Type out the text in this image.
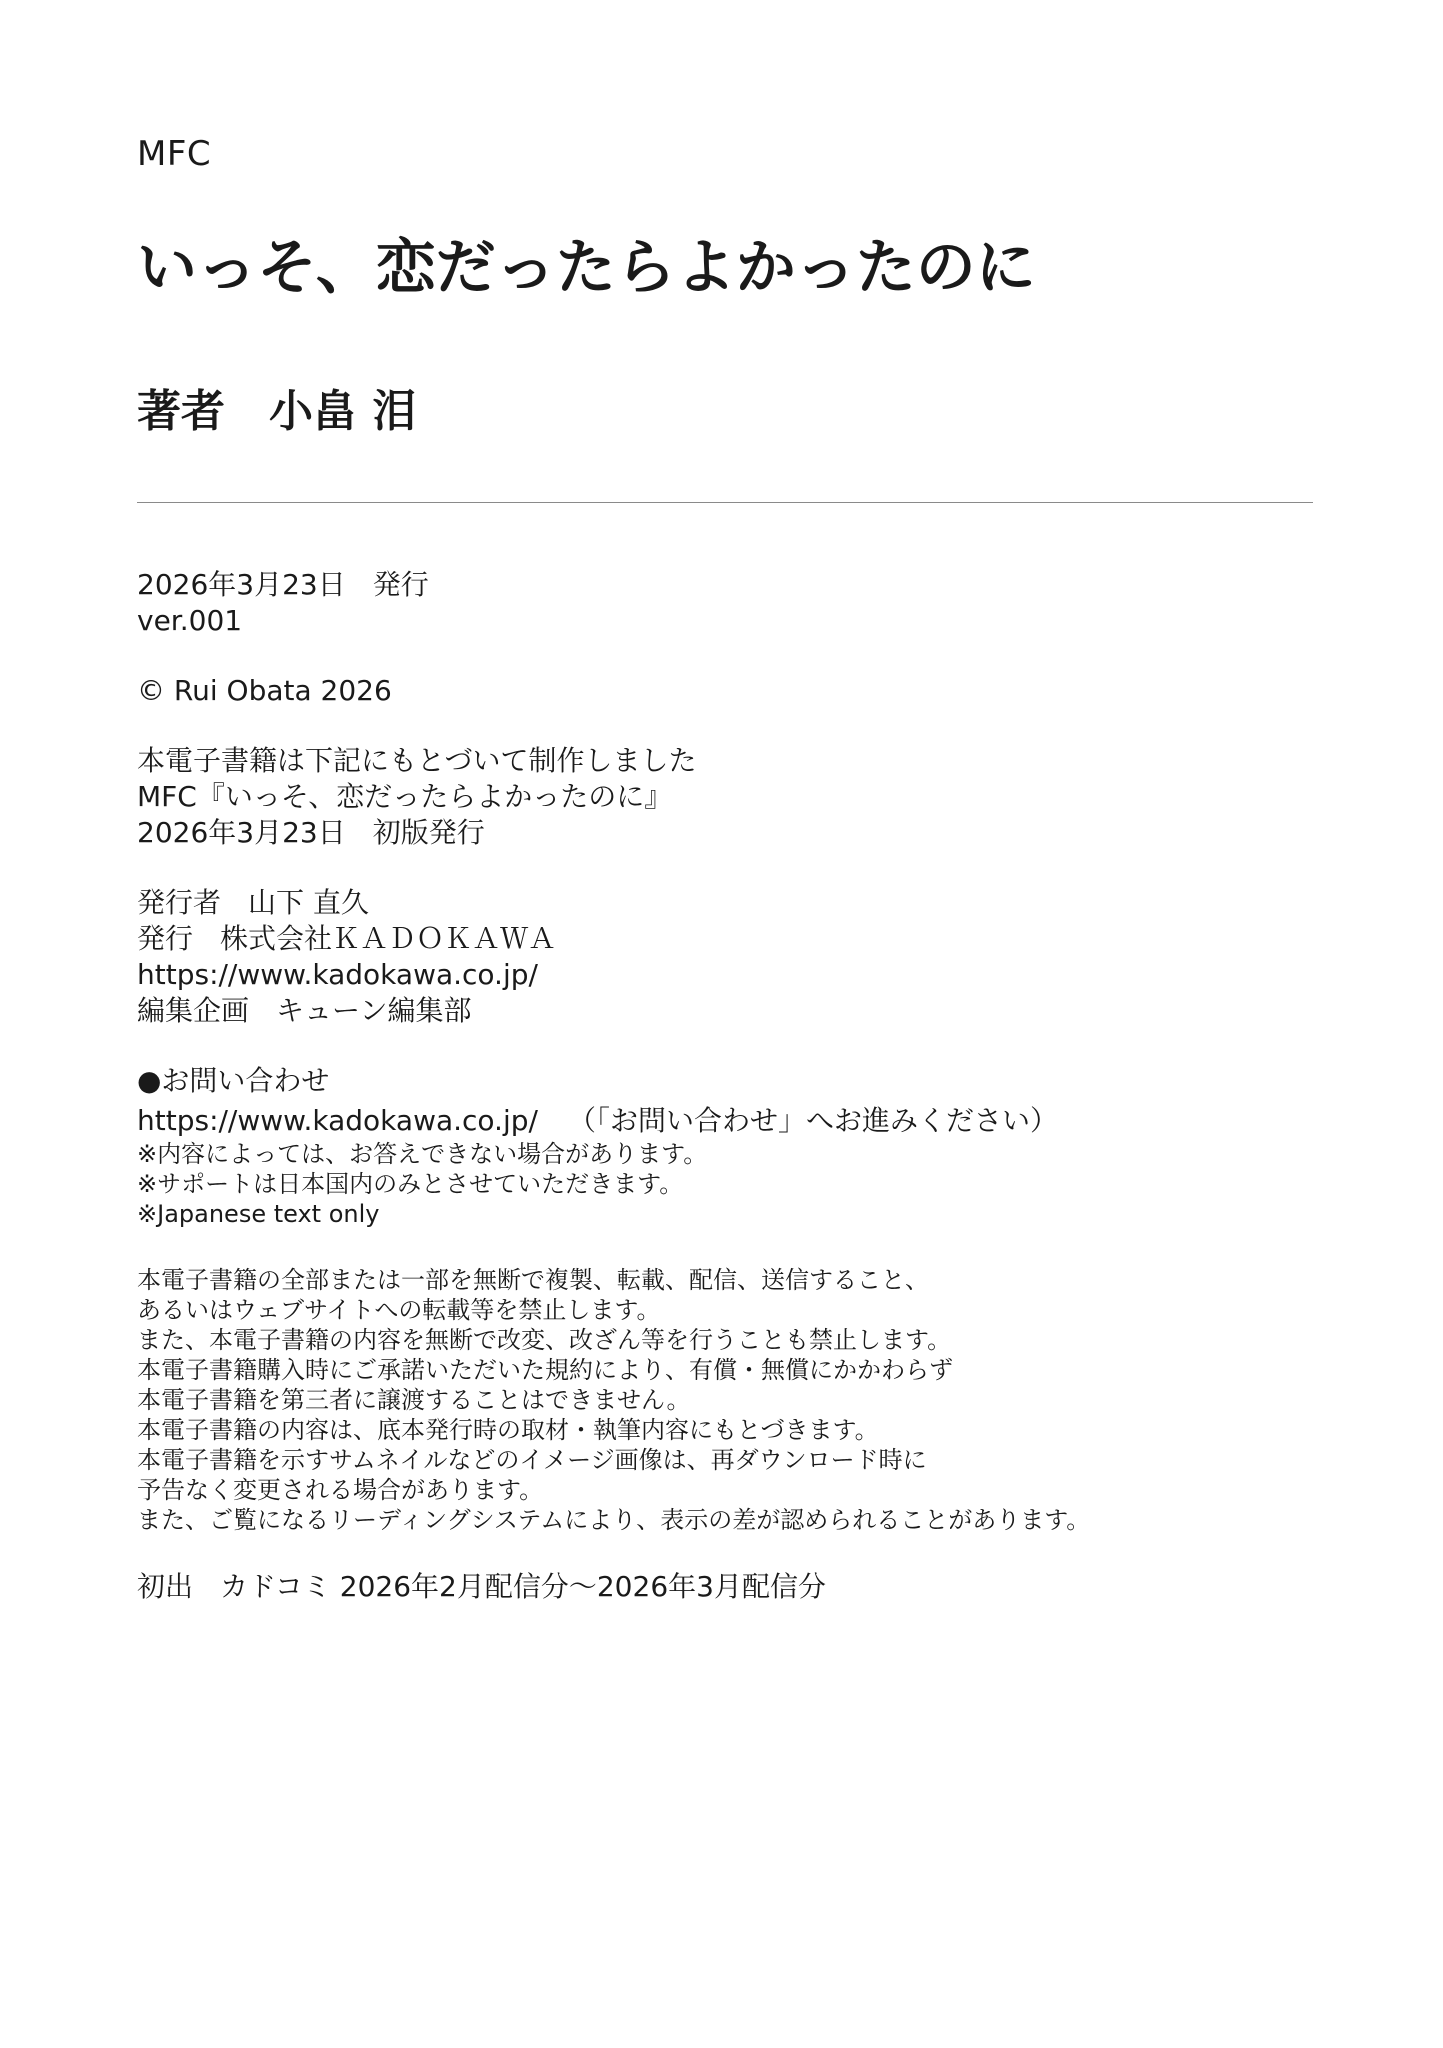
MFC
いっそ、恋だったらよかったのに
著者 小畠 泪
2026年3月23日 発行
ver.001
© Rui Obata 2026
本電子書籍は下記にもとづいて制作しました
MFC『いっそ、恋だったらよかったのに』
2026年3月23日 初版発行
発行者 山下 直久
発行 株式会社ＫＡＤＯＫＡＷＡ
https://www.kadokawa.co.jp/
編集企画 キューン編集部
●お問い合わせ
https://www.kadokawa.co.jp/ （「お問い合わせ」へお進みください）
※内容によっては、お答えできない場合があります。
※サポートは日本国内のみとさせていただきます。
※Japanese text only
本電子書籍の全部または一部を無断で複製、転載、配信、送信すること、
あるいはウェブサイトへの転載等を禁止します。
また、本電子書籍の内容を無断で改変、改ざん等を行うことも禁止します。
本電子書籍購入時にご承諾いただいた規約により、有償・無償にかかわらず
本電子書籍を第三者に譲渡することはできません。
本電子書籍の内容は、底本発行時の取材・執筆内容にもとづきます。
本電子書籍を示すサムネイルなどのイメージ画像は、再ダウンロード時に
予告なく変更される場合があります。
また、ご覧になるリーディングシステムにより、表示の差が認められることがあります。
初出 カドコミ 2026年2月配信分～2026年3月配信分
